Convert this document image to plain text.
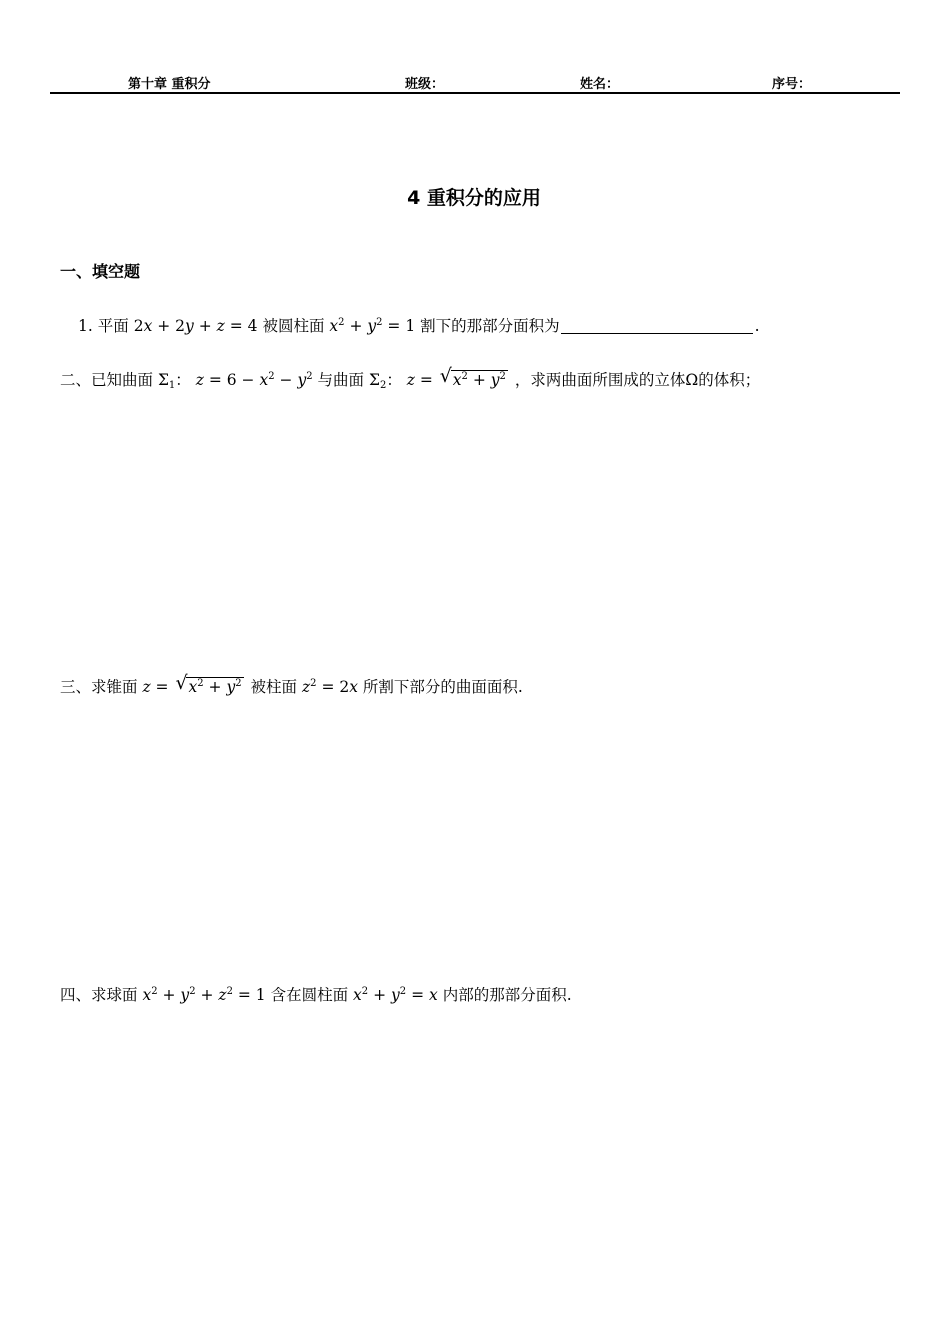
第十章 重积分	班级：	姓名：	序号：
4 重积分的应用
一、填空题
1. 平面 2x + 2y + z = 4 被圆柱面 $x^2 + y^2 = 1$ 割下的那部分面积为	.
二、已知曲面 $\Sigma_1$： $z = 6 - x^2 - y^2$ 与曲面 $\Sigma_2$： z = √ $x^2 + y^2$ ，求两曲面所围成的立体Ω的体积；
三、求锥面 z = √ $x^2 + y^2$ 被柱面 $z^2 = 2x$ 所割下部分的曲面面积.
四、求球面 $x^2 + y^2 + z^2 = 1$ 含在圆柱面 $x^2 + y^2 = x$ 内部的那部分面积.
